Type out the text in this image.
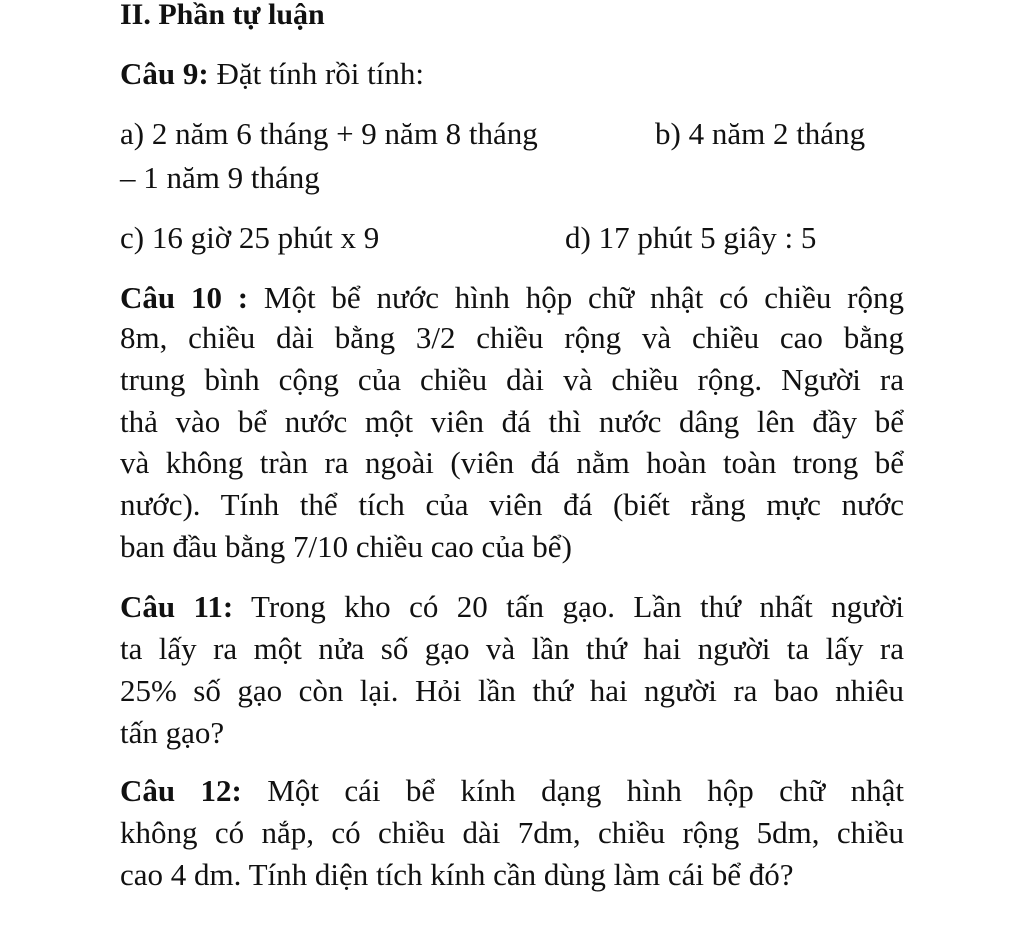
II. Phần tự luận
Câu 9: Đặt tính rồi tính:
a) 2 năm 6 tháng + 9 năm 8 tháng	b) 4 năm 2 tháng
– 1 năm 9 tháng
c) 16 giờ 25 phút x 9	d) 17 phút 5 giây : 5
Câu 10 : Một bể nước hình hộp chữ nhật có chiều rộng
8m, chiều dài bằng 3/2 chiều rộng và chiều cao bằng
trung bình cộng của chiều dài và chiều rộng. Người ra
thả vào bể nước một viên đá thì nước dâng lên đầy bể
và không tràn ra ngoài (viên đá nằm hoàn toàn trong bể
nước). Tính thể tích của viên đá (biết rằng mực nước
ban đầu bằng 7/10 chiều cao của bể)
Câu 11: Trong kho có 20 tấn gạo. Lần thứ nhất người
ta lấy ra một nửa số gạo và lần thứ hai người ta lấy ra
25% số gạo còn lại. Hỏi lần thứ hai người ra bao nhiêu
tấn gạo?
Câu 12: Một cái bể kính dạng hình hộp chữ nhật
không có nắp, có chiều dài 7dm, chiều rộng 5dm, chiều
cao 4 dm. Tính diện tích kính cần dùng làm cái bể đó?
